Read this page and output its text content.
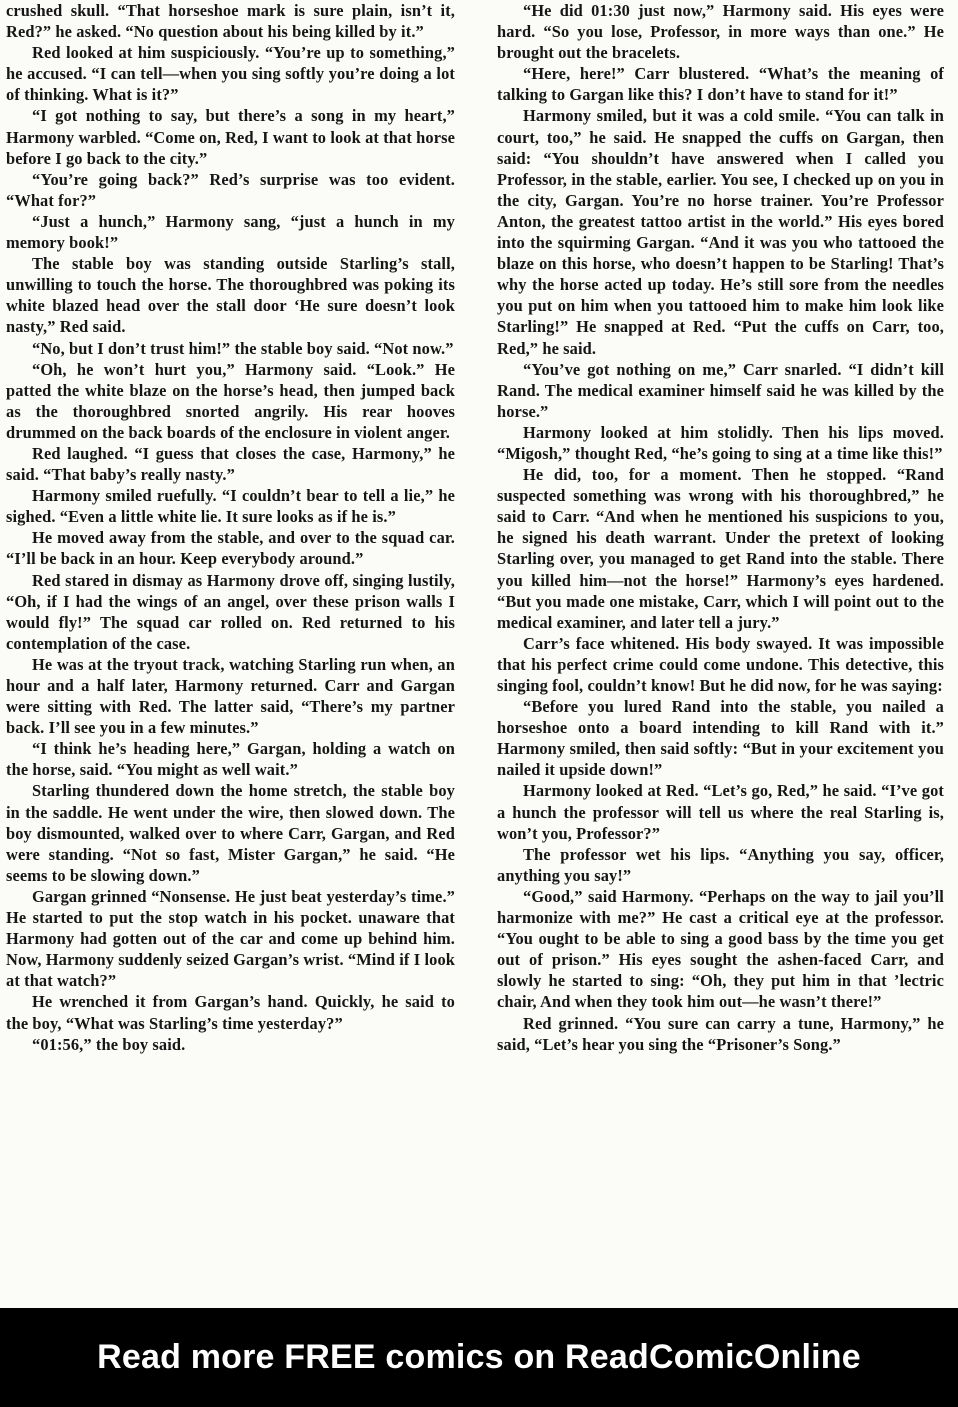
crushed skull. “That horseshoe mark is sure plain, isn’t it, Red?” he asked. “No question about his being killed by it.”

Red looked at him suspiciously. “You’re up to something,” he accused. “I can tell—when you sing softly you’re doing a lot of thinking. What is it?”

“I got nothing to say, but there’s a song in my heart,” Harmony warbled. “Come on, Red, I want to look at that horse before I go back to the city.”

“You’re going back?” Red’s surprise was too evident. “What for?”

“Just a hunch,” Harmony sang, “just a hunch in my memory book!”

The stable boy was standing outside Starling’s stall, unwilling to touch the horse. The thoroughbred was poking its white blazed head over the stall door ‘He sure doesn’t look nasty,” Red said.

“No, but I don’t trust him!” the stable boy said. “Not now.”

“Oh, he won’t hurt you,” Harmony said. “Look.” He patted the white blaze on the horse’s head, then jumped back as the thoroughbred snorted angrily. His rear hooves drummed on the back boards of the enclosure in violent anger.

Red laughed. “I guess that closes the case, Harmony,” he said. “That baby’s really nasty.”

Harmony smiled ruefully. “I couldn’t bear to tell a lie,” he sighed. “Even a little white lie. It sure looks as if he is.”

He moved away from the stable, and over to the squad car. “I’ll be back in an hour. Keep everybody around.”

Red stared in dismay as Harmony drove off, singing lustily, “Oh, if I had the wings of an angel, over these prison walls I would fly!” The squad car rolled on. Red returned to his contemplation of the case.

He was at the tryout track, watching Starling run when, an hour and a half later, Harmony returned. Carr and Gargan were sitting with Red. The latter said, “There’s my partner back. I’ll see you in a few minutes.”

“I think he’s heading here,” Gargan, holding a watch on the horse, said. “You might as well wait.”

Starling thundered down the home stretch, the stable boy in the saddle. He went under the wire, then slowed down. The boy dismounted, walked over to where Carr, Gargan, and Red were standing. “Not so fast, Mister Gargan,” he said. “He seems to be slowing down.”

Gargan grinned “Nonsense. He just beat yesterday’s time.” He started to put the stop watch in his pocket. unaware that Harmony had gotten out of the car and come up behind him. Now, Harmony suddenly seized Gargan’s wrist. “Mind if I look at that watch?”

He wrenched it from Gargan’s hand. Quickly, he said to the boy, “What was Starling’s time yesterday?”

“01:56,” the boy said.

“He did 01:30 just now,” Harmony said. His eyes were hard. “So you lose, Professor, in more ways than one.” He brought out the bracelets.

“Here, here!” Carr blustered. “What’s the meaning of talking to Gargan like this? I don’t have to stand for it!”

Harmony smiled, but it was a cold smile. “You can talk in court, too,” he said. He snapped the cuffs on Gargan, then said: “You shouldn’t have answered when I called you Professor, in the stable, earlier. You see, I checked up on you in the city, Gargan. You’re no horse trainer. You’re Professor Anton, the greatest tattoo artist in the world.” His eyes bored into the squirming Gargan. “And it was you who tattooed the blaze on this horse, who doesn’t happen to be Starling! That’s why the horse acted up today. He’s still sore from the needles you put on him when you tattooed him to make him look like Starling!” He snapped at Red. “Put the cuffs on Carr, too, Red,” he said.

“You’ve got nothing on me,” Carr snarled. “I didn’t kill Rand. The medical examiner himself said he was killed by the horse.”

Harmony looked at him stolidly. Then his lips moved. “Migosh,” thought Red, “he’s going to sing at a time like this!”

He did, too, for a moment. Then he stopped. “Rand suspected something was wrong with his thoroughbred,” he said to Carr. “And when he mentioned his suspicions to you, he signed his death warrant. Under the pretext of looking Starling over, you managed to get Rand into the stable. There you killed him—not the horse!” Harmony’s eyes hardened. “But you made one mistake, Carr, which I will point out to the medical examiner, and later tell a jury.”

Carr’s face whitened. His body swayed. It was impossible that his perfect crime could come undone. This detective, this singing fool, couldn’t know! But he did now, for he was saying:

“Before you lured Rand into the stable, you nailed a horseshoe onto a board intending to kill Rand with it.” Harmony smiled, then said softly: “But in your excitement you nailed it upside down!”

Harmony looked at Red. “Let’s go, Red,” he said. “I’ve got a hunch the professor will tell us where the real Starling is, won’t you, Professor?”

The professor wet his lips. “Anything you say, officer, anything you say!”

“Good,” said Harmony. “Perhaps on the way to jail you’ll harmonize with me?” He cast a critical eye at the professor. “You ought to be able to sing a good bass by the time you get out of prison.” His eyes sought the ashen-faced Carr, and slowly he started to sing: “Oh, they put him in that ’lectric chair, And when they took him out—he wasn’t there!”

Red grinned. “You sure can carry a tune, Harmony,” he said, “Let’s hear you sing the “Prisoner’s Song.”

Read more FREE comics on ReadComicOnline
